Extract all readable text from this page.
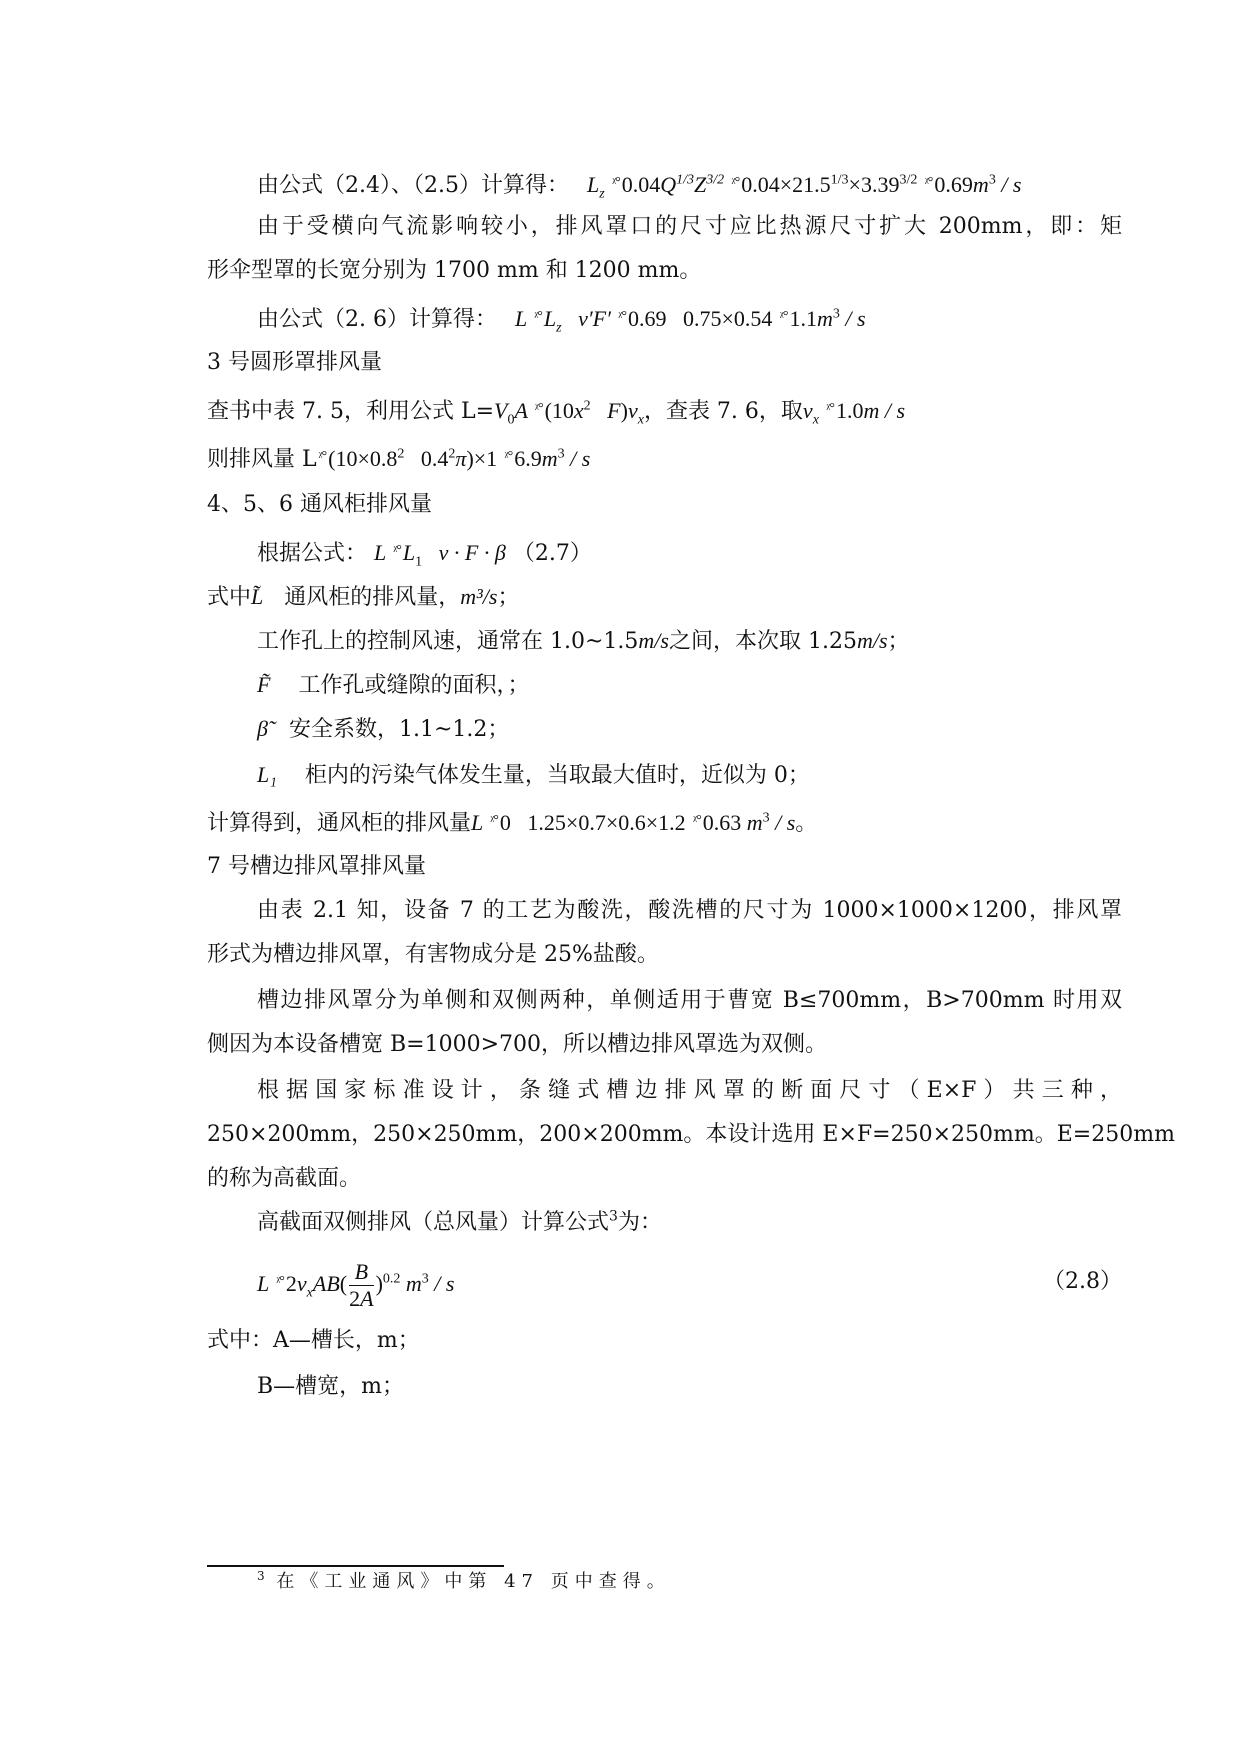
由公式（2.4）、（2.5）计算得：   $L_z$ $^{ᵡ^\circ}0.04Q^{1/3}Z^{3/2}$ $^{ᵡ^\circ}0.04\times 21.5^{1/3}\times 3.39^{3/2}$ $^{ᵡ^\circ}0.69m^3$ / s
由于受横向气流影响较小，排风罩口的尺寸应比热源尺寸扩大 200mm，即：矩
形伞型罩的长宽分别为 1700 mm 和 1200 mm。
由公式（2. 6）计算得：   L $^{ᵡ^\circ}L_z$   v′F′ $^{ᵡ^\circ}$0.69   0.75×0.54 $^{ᵡ^\circ}1.1m^3$ / s
3 号圆形罩排风量
查书中表 7. 5，利用公式 $L=V_0A$ $^{ᵡ^\circ}(10x^2$   $F)v_x$，查表 7. 6，取$v_x$ $^{ᵡ^\circ}$1.0m / s
则排风量 L $^{ᵡ^\circ}(10\times 0.8^2$   $0.4^2\pi)\times 1$ $^{ᵡ^\circ}6.9m^3$ / s
4、5、6 通风柜排风量
根据公式： L $^{ᵡ^\circ}L_1$   v · F · β （2.7）
式中L̃ 通风柜的排风量，m³/s；
工作孔上的控制风速，通常在 1.0~1.5m/s之间，本次取 1.25m/s；
F̃ 工作孔或缝隙的面积，；
β̃ 安全系数，1.1~1.2；
L₁ 柜内的污染气体发生量，当取最大值时，近似为 0；
计算得到，通风柜的排风量L $^{ᵡ^\circ}$0   1.25×0.7×0.6×1.2 $^{ᵡ^\circ}$0.63 $m^3$ / s。
7 号槽边排风罩排风量
由表 2.1 知，设备 7 的工艺为酸洗，酸洗槽的尺寸为 1000×1000×1200，排风罩
形式为槽边排风罩，有害物成分是 25%盐酸。
槽边排风罩分为单侧和双侧两种，单侧适用于曹宽 B≤700mm，B>700mm 时用双
侧因为本设备槽宽 B=1000>700，所以槽边排风罩选为双侧。
根据国家标准设计，条缝式槽边排风罩的断面尺寸（E×F）共三种，
250×200mm，250×250mm，200×200mm。本设计选用 E×F=250×250mm。E=250mm
的称为高截面。
高截面双侧排风（总风量）计算公式$^3$为：
L $^{ᵡ^\circ}2v_xAB( \frac{B}{2A} )^{0.2}$ $m^3$ / s	（2.8）
式中：A—槽长，m；
B—槽宽，m；
$^3$ 在《工业通风》中第 47 页中查得。
